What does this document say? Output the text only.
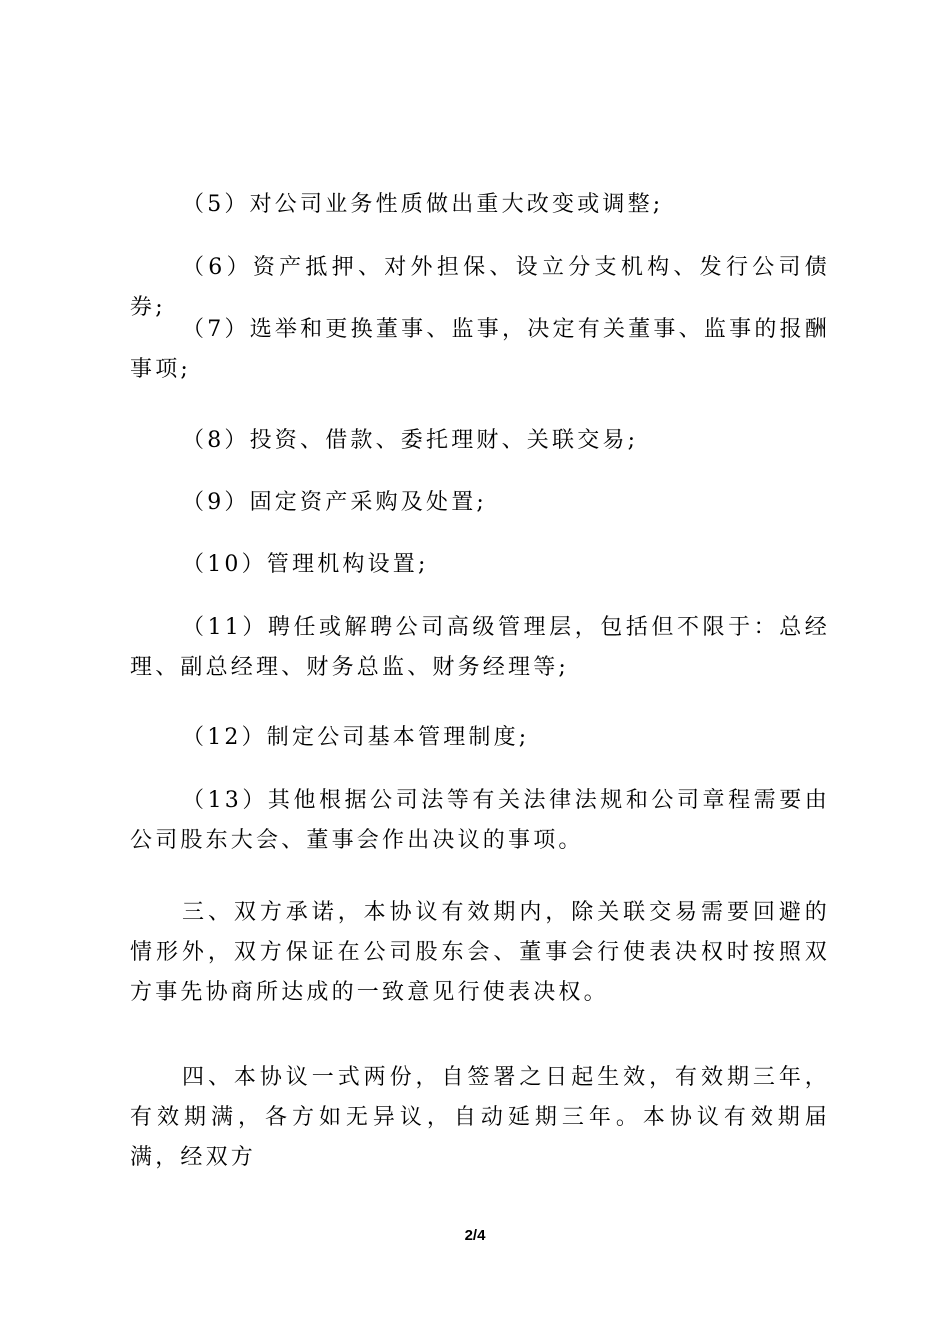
（5）对公司业务性质做出重大改变或调整;

（6）资产抵押、对外担保、设立分支机构、发行公司债券;

（7）选举和更换董事、监事，决定有关董事、监事的报酬事项;

（8）投资、借款、委托理财、关联交易;

（9）固定资产采购及处置;

（10）管理机构设置;

（11）聘任或解聘公司高级管理层，包括但不限于：总经理、副总经理、财务总监、财务经理等;

（12）制定公司基本管理制度;

（13）其他根据公司法等有关法律法规和公司章程需要由公司股东大会、董事会作出决议的事项。

三、双方承诺，本协议有效期内，除关联交易需要回避的情形外，双方保证在公司股东会、董事会行使表决权时按照双方事先协商所达成的一致意见行使表决权。

四、本协议一式两份，自签署之日起生效，有效期三年，有效期满，各方如无异议，自动延期三年。本协议有效期届满，经双方

2/4
